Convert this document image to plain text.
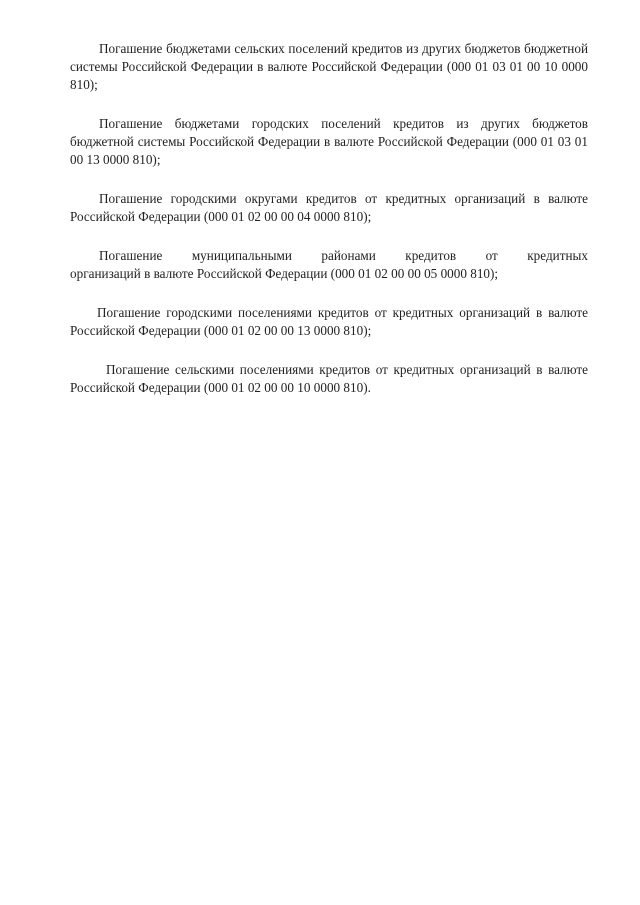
Погашение бюджетами сельских поселений кредитов из других бюджетов бюджетной системы Российской Федерации в валюте Российской Федерации (000 01 03 01 00 10 0000 810);

Погашение бюджетами городских поселений кредитов из других бюджетов бюджетной системы Российской Федерации в валюте Российской Федерации (000 01 03 01 00 13 0000 810);

Погашение городскими округами кредитов от кредитных организаций в валюте Российской Федерации (000 01 02 00 00 04 0000 810);

Погашение муниципальными районами кредитов от кредитных
организаций в валюте Российской Федерации (000 01 02 00 00 05 0000 810);

Погашение городскими поселениями кредитов от кредитных организаций в валюте Российской Федерации (000 01 02 00 00 13 0000 810);

Погашение сельскими поселениями кредитов от кредитных организаций в валюте Российской Федерации (000 01 02 00 00 10 0000 810).
